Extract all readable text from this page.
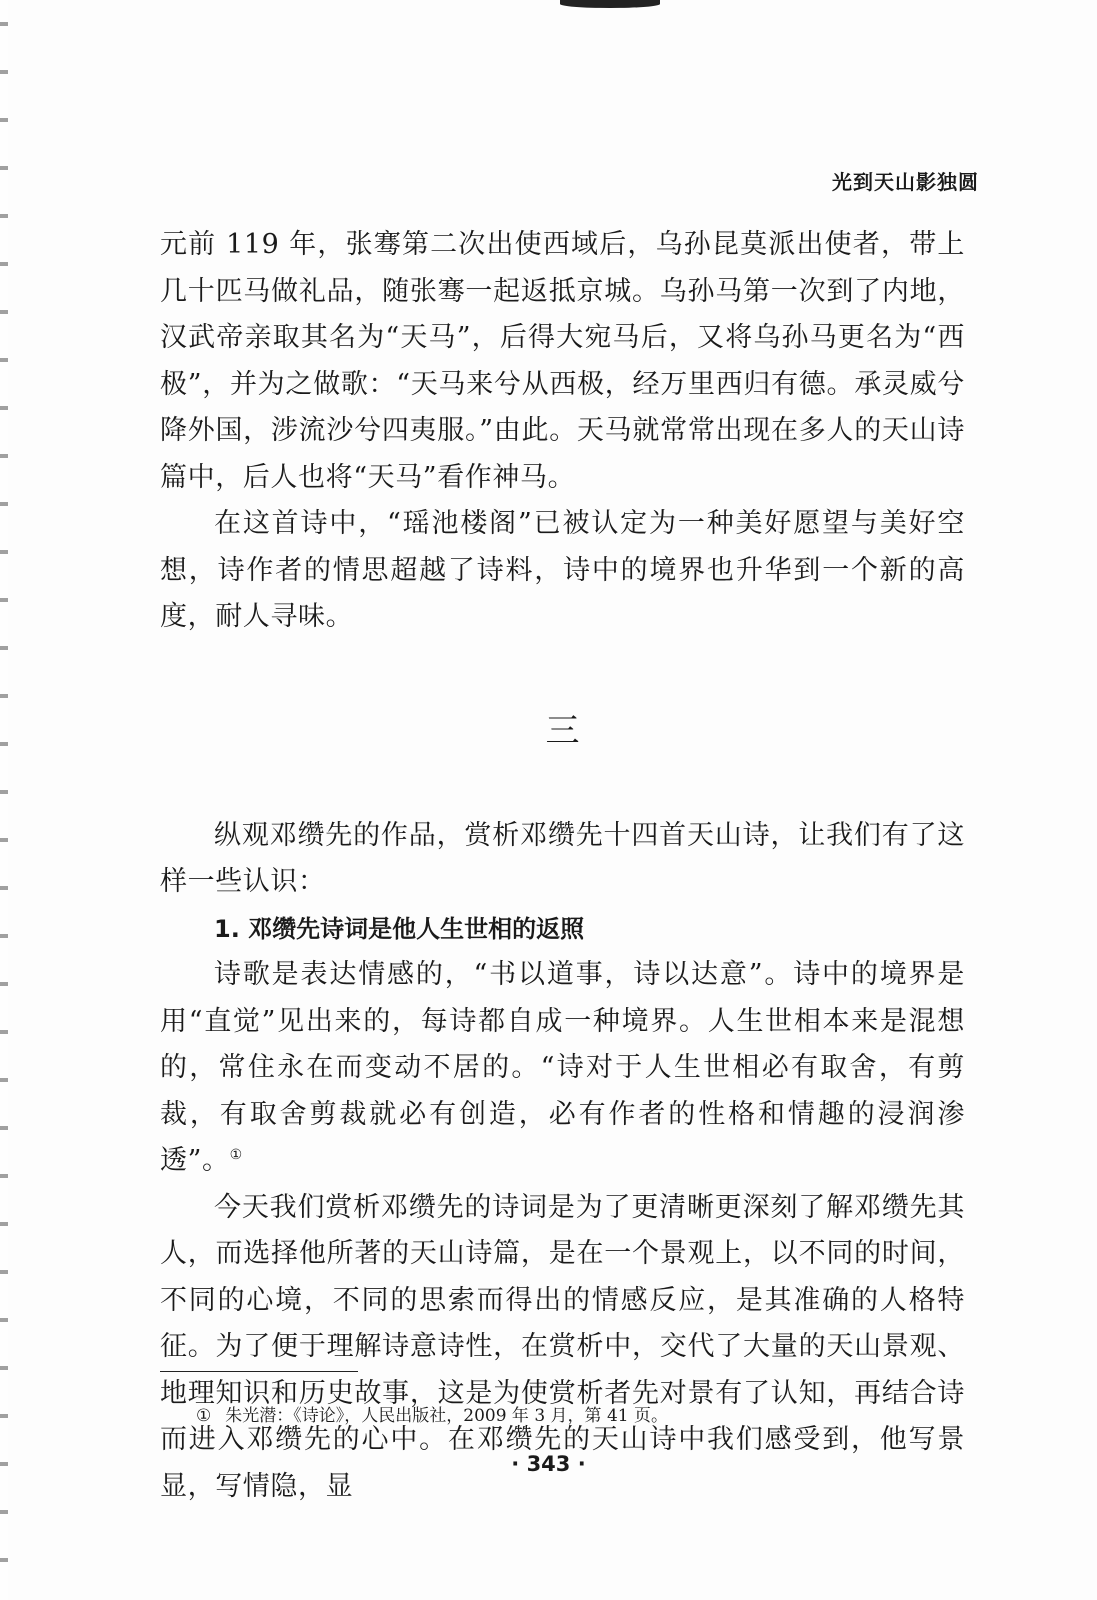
光到天山影独圆

元前 119 年，张骞第二次出使西域后，乌孙昆莫派出使者，带上几十匹马做礼品，随张骞一起返抵京城。乌孙马第一次到了内地，汉武帝亲取其名为“天马”，后得大宛马后，又将乌孙马更名为“西极”，并为之做歌：“天马来兮从西极，经万里西归有德。承灵威兮降外国，涉流沙兮四夷服。”由此。天马就常常出现在多人的天山诗篇中，后人也将“天马”看作神马。

在这首诗中，“瑶池楼阁”已被认定为一种美好愿望与美好空想，诗作者的情思超越了诗料，诗中的境界也升华到一个新的高度，耐人寻味。

三

纵观邓缵先的作品，赏析邓缵先十四首天山诗，让我们有了这样一些认识：

1. 邓缵先诗词是他人生世相的返照

诗歌是表达情感的，“书以道事，诗以达意”。诗中的境界是用“直觉”见出来的，每诗都自成一种境界。人生世相本来是混想的，常住永在而变动不居的。“诗对于人生世相必有取舍，有剪裁，有取舍剪裁就必有创造，必有作者的性格和情趣的浸润渗透”。①

今天我们赏析邓缵先的诗词是为了更清晰更深刻了解邓缵先其人，而选择他所著的天山诗篇，是在一个景观上，以不同的时间，不同的心境，不同的思索而得出的情感反应，是其准确的人格特征。为了便于理解诗意诗性，在赏析中，交代了大量的天山景观、地理知识和历史故事，这是为使赏析者先对景有了认知，再结合诗而进入邓缵先的心中。在邓缵先的天山诗中我们感受到，他写景显，写情隐，显

① 朱光潜：《诗论》，人民出版社，2009 年 3 月，第 41 页。
· 343 ·
